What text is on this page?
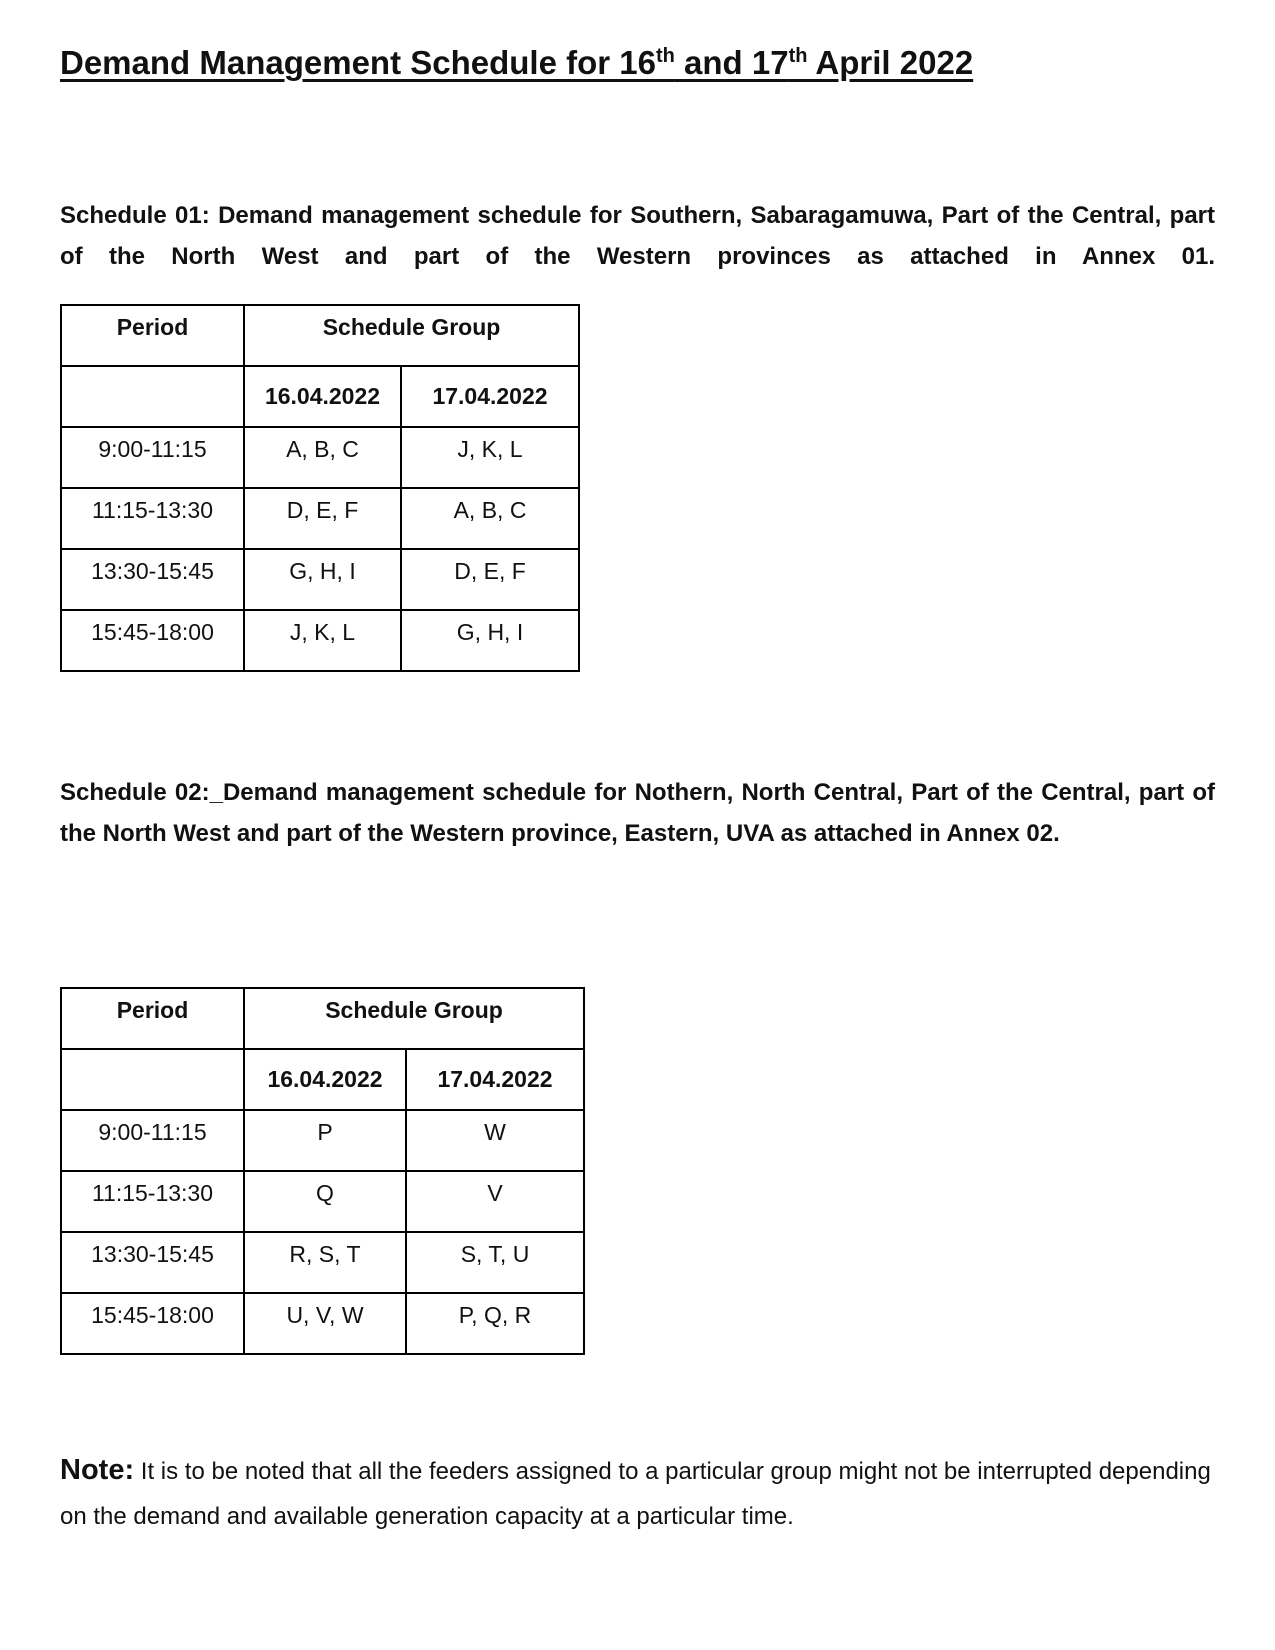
Demand Management Schedule for 16th and 17th April 2022
Schedule 01: Demand management schedule for Southern, Sabaragamuwa, Part of the Central, part of the North West and part of the Western provinces as attached in Annex 01.
Period	Schedule Group	
	16.04.2022	17.04.2022
9:00-11:15	A, B, C	J, K, L
11:15-13:30	D, E, F	A, B, C
13:30-15:45	G, H, I	D, E, F
15:45-18:00	J, K, L	G, H, I
Schedule 02:_Demand management schedule for Nothern, North Central, Part of the Central, part of the North West and part of the Western province, Eastern, UVA as attached in Annex 02.
Period	Schedule Group	
	16.04.2022	17.04.2022
9:00-11:15	P	W
11:15-13:30	Q	V
13:30-15:45	R, S, T	S, T, U
15:45-18:00	U, V, W	P, Q, R
Note: It is to be noted that all the feeders assigned to a particular group might not be interrupted depending on the demand and available generation capacity at a particular time.
